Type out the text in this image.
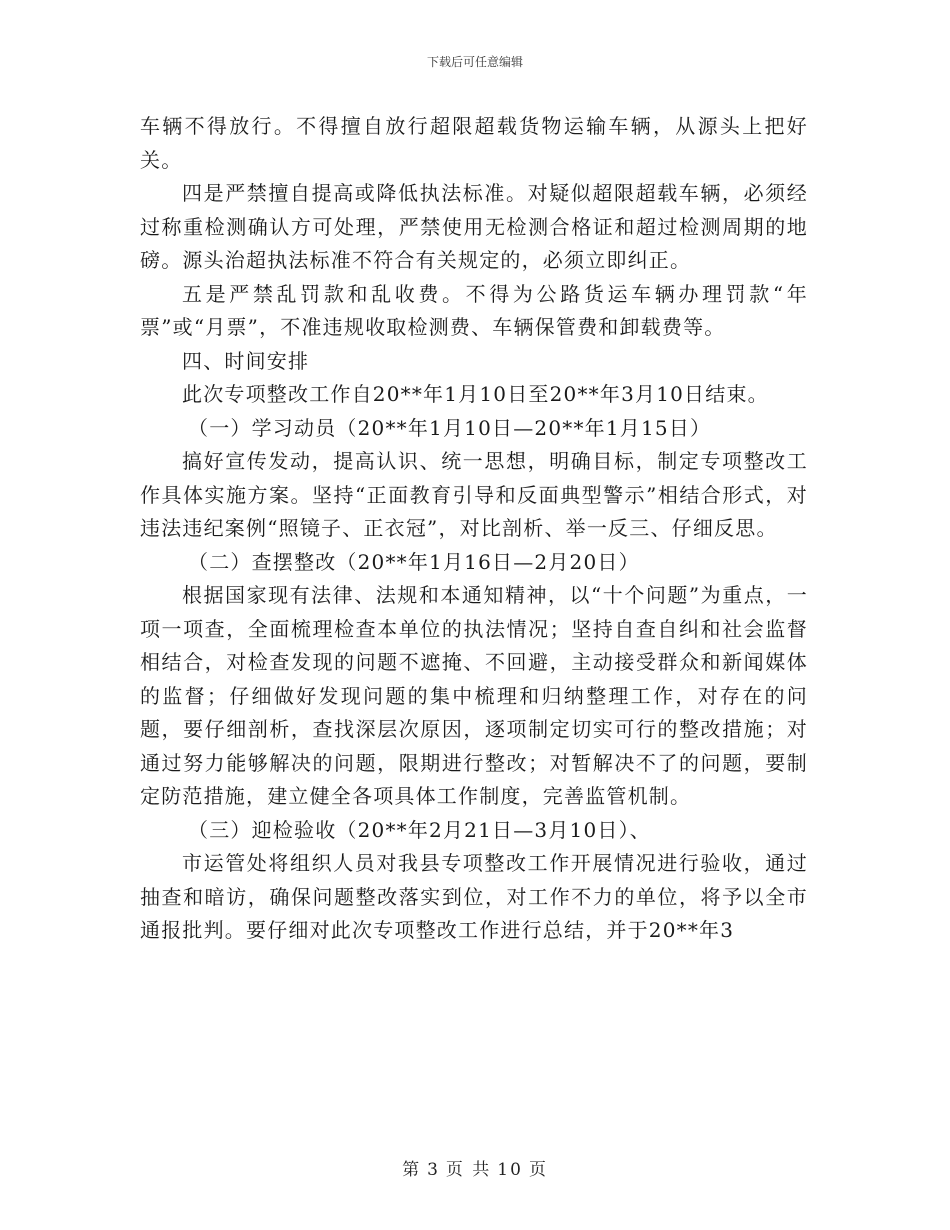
下载后可任意编辑

车辆不得放行。不得擅自放行超限超载货物运输车辆，从源头上把好关。

四是严禁擅自提高或降低执法标准。对疑似超限超载车辆，必须经过称重检测确认方可处理，严禁使用无检测合格证和超过检测周期的地磅。源头治超执法标准不符合有关规定的，必须立即纠正。

五是严禁乱罚款和乱收费。不得为公路货运车辆办理罚款“年票”或“月票”，不准违规收取检测费、车辆保管费和卸载费等。

四、时间安排

此次专项整改工作自20**年1月10日至20**年3月10日结束。

（一）学习动员（20**年1月10日—20**年1月15日）

搞好宣传发动，提高认识、统一思想，明确目标，制定专项整改工作具体实施方案。坚持“正面教育引导和反面典型警示”相结合形式，对违法违纪案例“照镜子、正衣冠”，对比剖析、举一反三、仔细反思。

（二）查摆整改（20**年1月16日—2月20日）

根据国家现有法律、法规和本通知精神，以“十个问题”为重点，一项一项查，全面梳理检查本单位的执法情况；坚持自查自纠和社会监督相结合，对检查发现的问题不遮掩、不回避，主动接受群众和新闻媒体的监督；仔细做好发现问题的集中梳理和归纳整理工作，对存在的问题，要仔细剖析，查找深层次原因，逐项制定切实可行的整改措施；对通过努力能够解决的问题，限期进行整改；对暂解决不了的问题，要制定防范措施，建立健全各项具体工作制度，完善监管机制。

（三）迎检验收（20**年2月21日—3月10日）、

市运管处将组织人员对我县专项整改工作开展情况进行验收，通过抽查和暗访，确保问题整改落实到位，对工作不力的单位，将予以全市通报批判。要仔细对此次专项整改工作进行总结，并于20**年3

第 3 页 共 10 页
